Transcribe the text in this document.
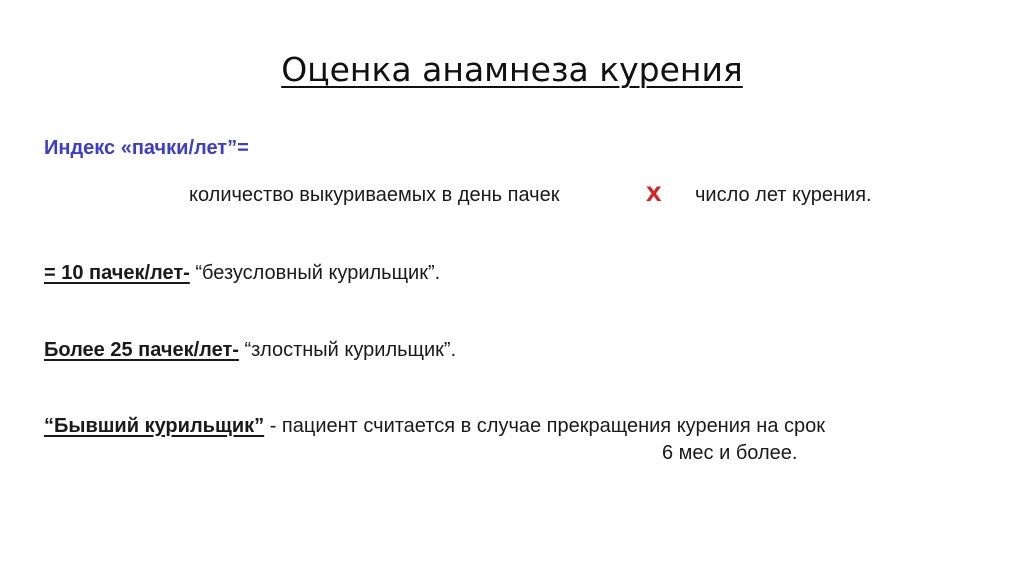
Оценка анамнеза курения
Индекс «пачки/лет”=
количество выкуриваемых в день пачек	х число лет курения.
= 10 пачек/лет- “безусловный курильщик”.
Более 25 пачек/лет- “злостный курильщик”.
“Бывший курильщик” - пациент считается в случае прекращения курения на срок
6 мес и более.
